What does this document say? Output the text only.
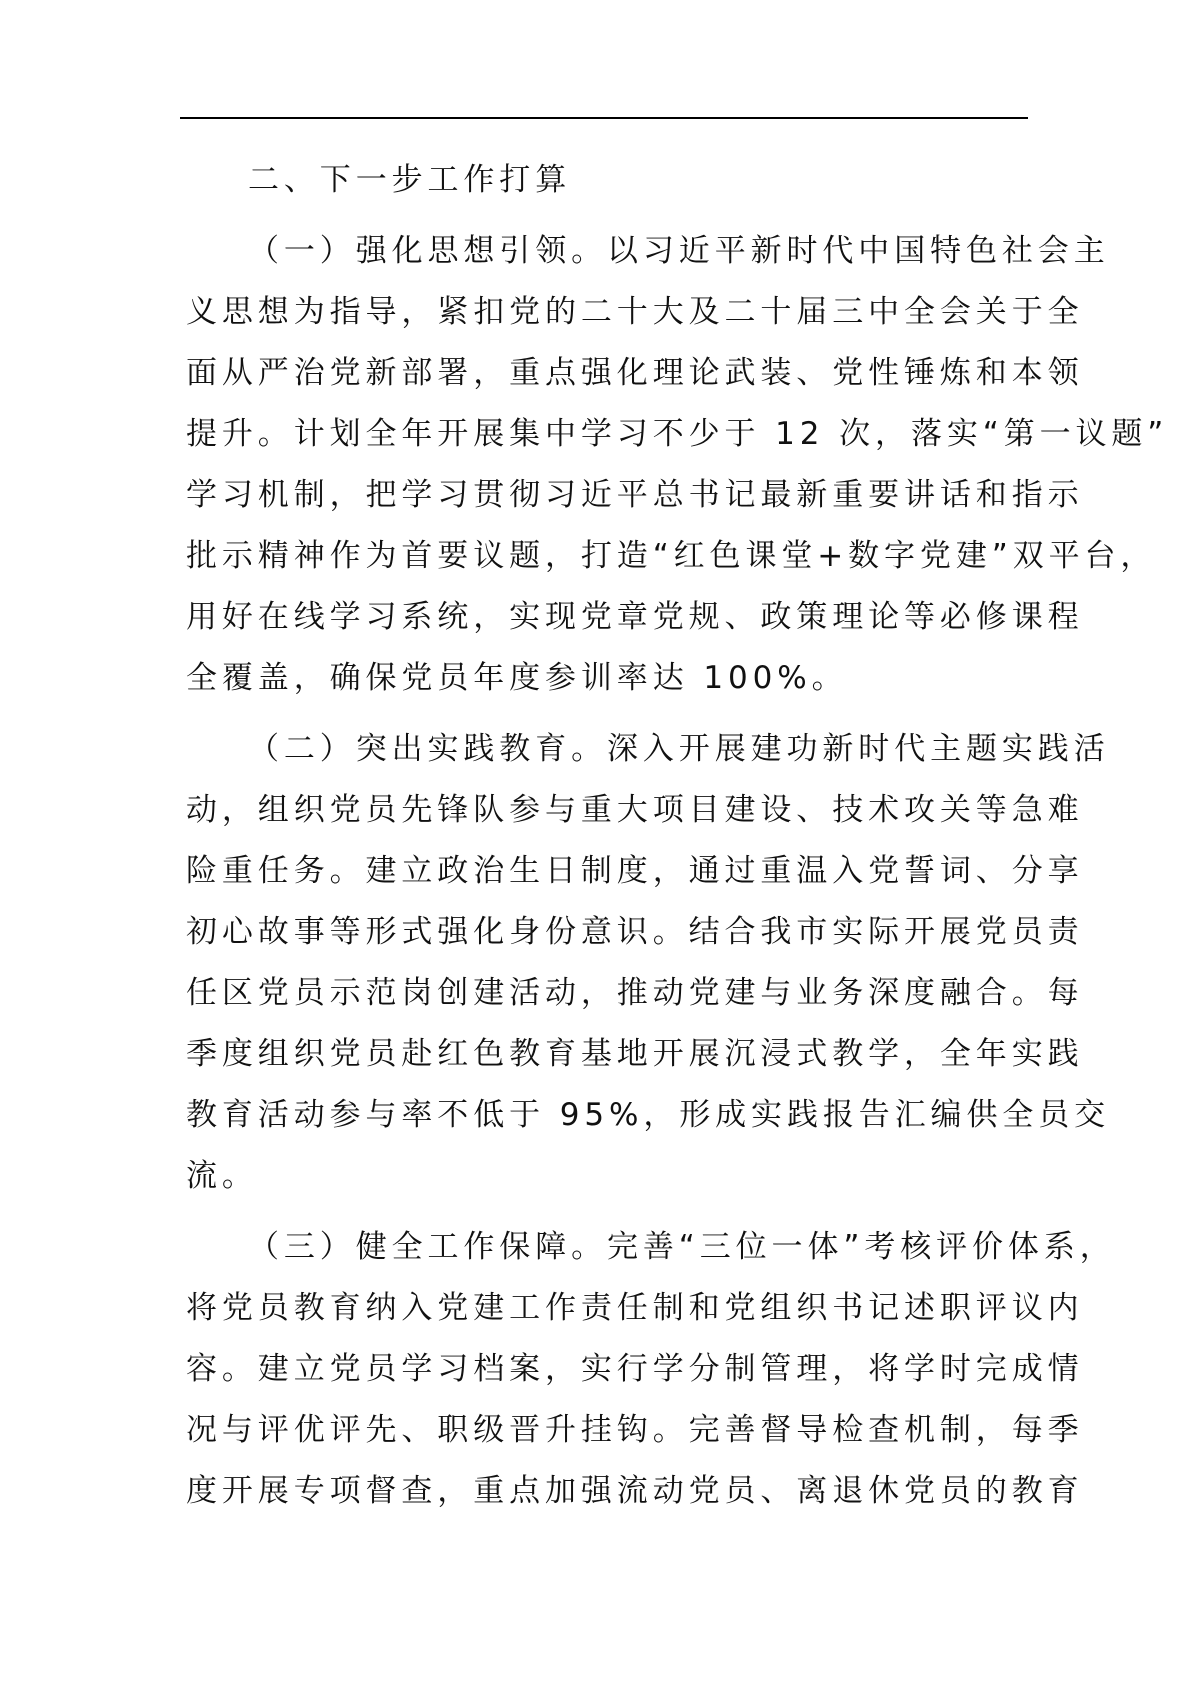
二、下一步工作打算
（一）强化思想引领。以习近平新时代中国特色社会主
义思想为指导，紧扣党的二十大及二十届三中全会关于全
面从严治党新部署，重点强化理论武装、党性锤炼和本领
提升。计划全年开展集中学习不少于 12 次，落实“第一议题”
学习机制，把学习贯彻习近平总书记最新重要讲话和指示
批示精神作为首要议题，打造“红色课堂+数字党建”双平台，
用好在线学习系统，实现党章党规、政策理论等必修课程
全覆盖，确保党员年度参训率达 100%。
（二）突出实践教育。深入开展建功新时代主题实践活
动，组织党员先锋队参与重大项目建设、技术攻关等急难
险重任务。建立政治生日制度，通过重温入党誓词、分享
初心故事等形式强化身份意识。结合我市实际开展党员责
任区党员示范岗创建活动，推动党建与业务深度融合。每
季度组织党员赴红色教育基地开展沉浸式教学，全年实践
教育活动参与率不低于 95%，形成实践报告汇编供全员交
流。
（三）健全工作保障。完善“三位一体”考核评价体系，
将党员教育纳入党建工作责任制和党组织书记述职评议内
容。建立党员学习档案，实行学分制管理，将学时完成情
况与评优评先、职级晋升挂钩。完善督导检查机制，每季
度开展专项督查，重点加强流动党员、离退休党员的教育
